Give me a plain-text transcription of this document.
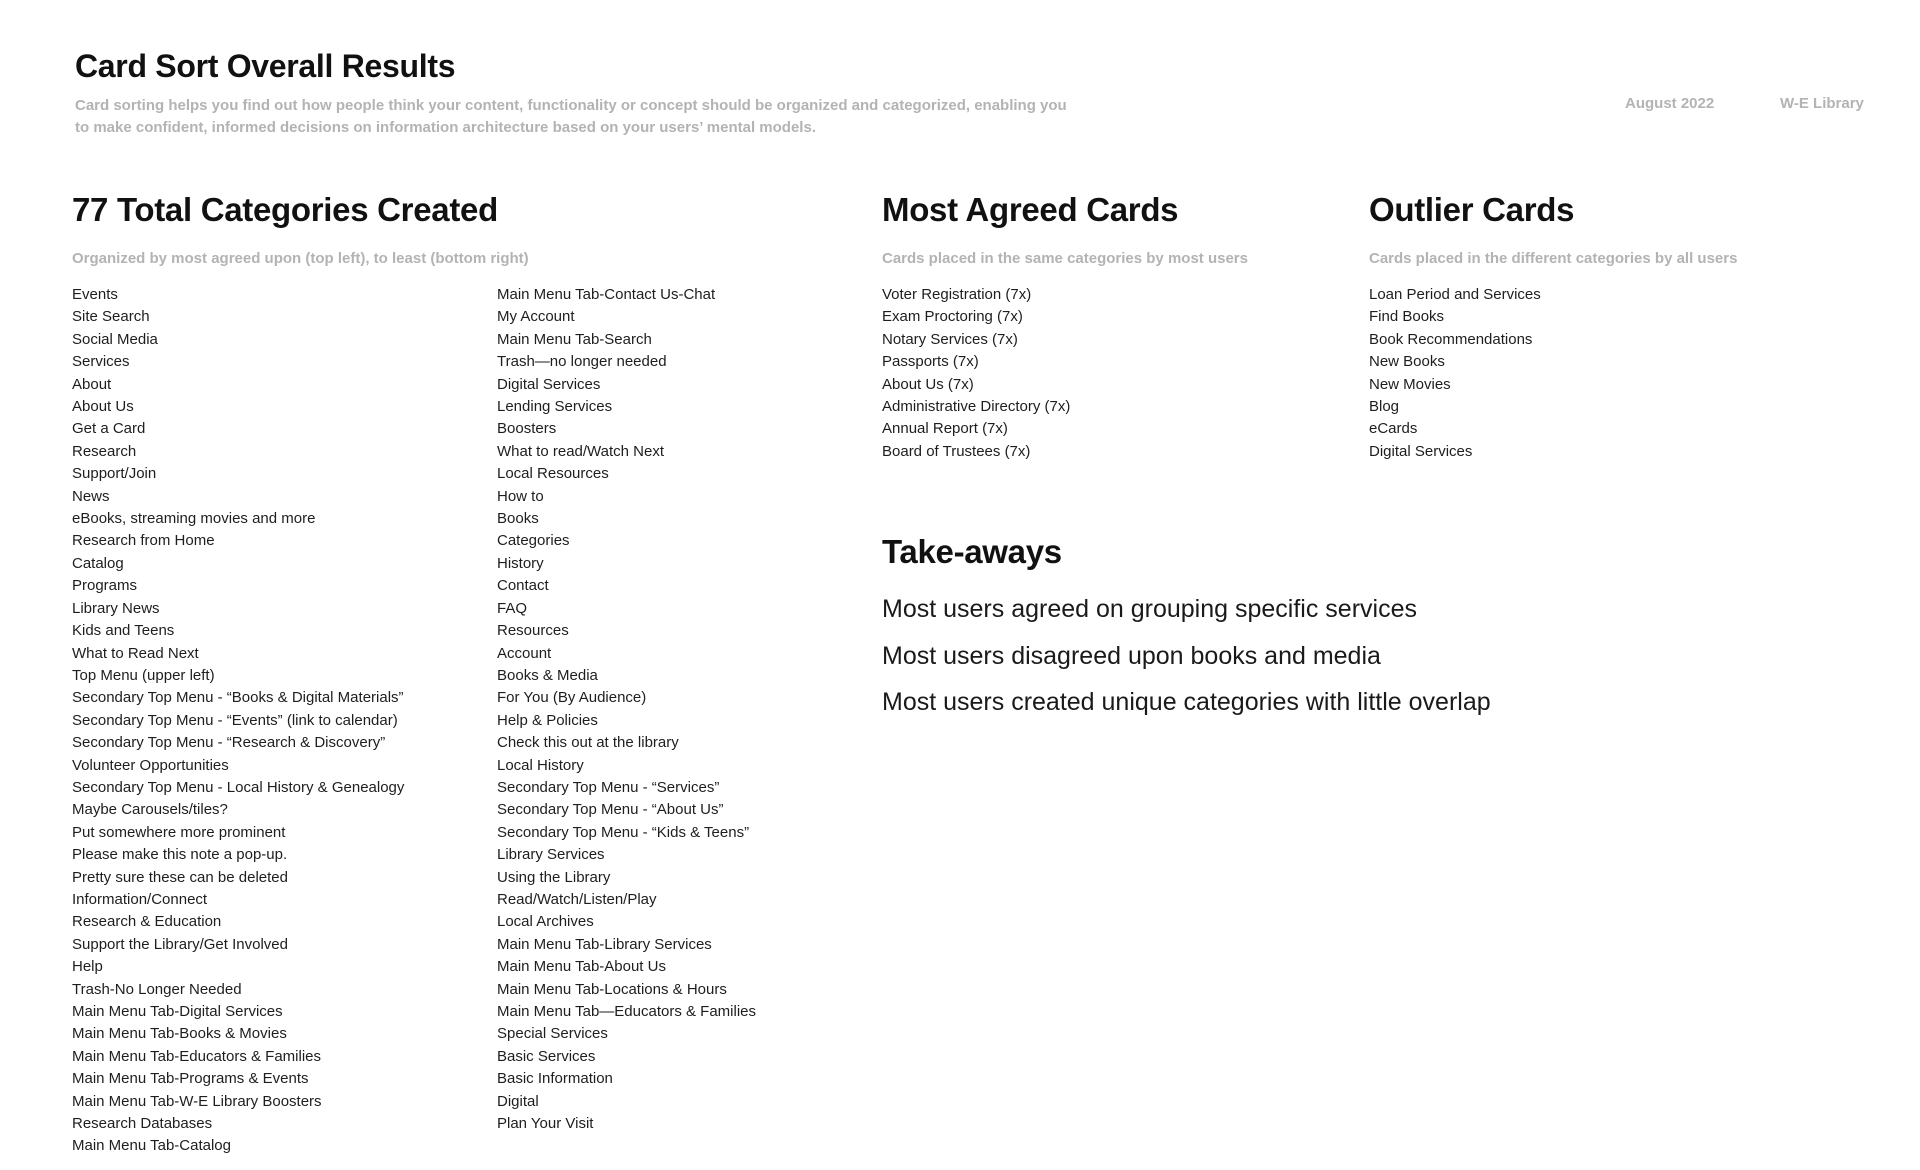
Card Sort Overall Results
Card sorting helps you find out how people think your content, functionality or concept should be organized and categorized, enabling you to make confident, informed decisions on information architecture based on your users’ mental models.
August 2022	W-E Library
77 Total Categories Created
Organized by most agreed upon (top left), to least (bottom right)
Events
Site Search
Social Media
Services
About
About Us
Get a Card
Research
Support/Join
News
eBooks, streaming movies and more
Research from Home
Catalog
Programs
Library News
Kids and Teens
What to Read Next
Top Menu (upper left)
Secondary Top Menu - “Books & Digital Materials”
Secondary Top Menu - “Events” (link to calendar)
Secondary Top Menu - “Research & Discovery”
Volunteer Opportunities
Secondary Top Menu - Local History & Genealogy
Maybe Carousels/tiles?
Put somewhere more prominent
Please make this note a pop-up.
Pretty sure these can be deleted
Information/Connect
Research & Education
Support the Library/Get Involved
Help
Trash-No Longer Needed
Main Menu Tab-Digital Services
Main Menu Tab-Books & Movies
Main Menu Tab-Educators & Families
Main Menu Tab-Programs & Events
Main Menu Tab-W-E Library Boosters
Research Databases
Main Menu Tab-Catalog
Main Menu Tab-Contact Us-Chat
My Account
Main Menu Tab-Search
Trash—no longer needed
Digital Services
Lending Services
Boosters
What to read/Watch Next
Local Resources
How to
Books
Categories
History
Contact
FAQ
Resources
Account
Books & Media
For You (By Audience)
Help & Policies
Check this out at the library
Local History
Secondary Top Menu - “Services”
Secondary Top Menu - “About Us”
Secondary Top Menu - “Kids & Teens”
Library Services
Using the Library
Read/Watch/Listen/Play
Local Archives
Main Menu Tab-Library Services
Main Menu Tab-About Us
Main Menu Tab-Locations & Hours
Main Menu Tab—Educators & Families
Special Services
Basic Services
Basic Information
Digital
Plan Your Visit
Most Agreed Cards
Cards placed in the same categories by most users
Voter Registration (7x)
Exam Proctoring (7x)
Notary Services (7x)
Passports (7x)
About Us (7x)
Administrative Directory (7x)
Annual Report (7x)
Board of Trustees (7x)
Outlier Cards
Cards placed in the different categories by all users
Loan Period and Services
Find Books
Book Recommendations
New Books
New Movies
Blog
eCards
Digital Services
Take-aways
Most users agreed on grouping specific services
Most users disagreed upon books and media
Most users created unique categories with little overlap
